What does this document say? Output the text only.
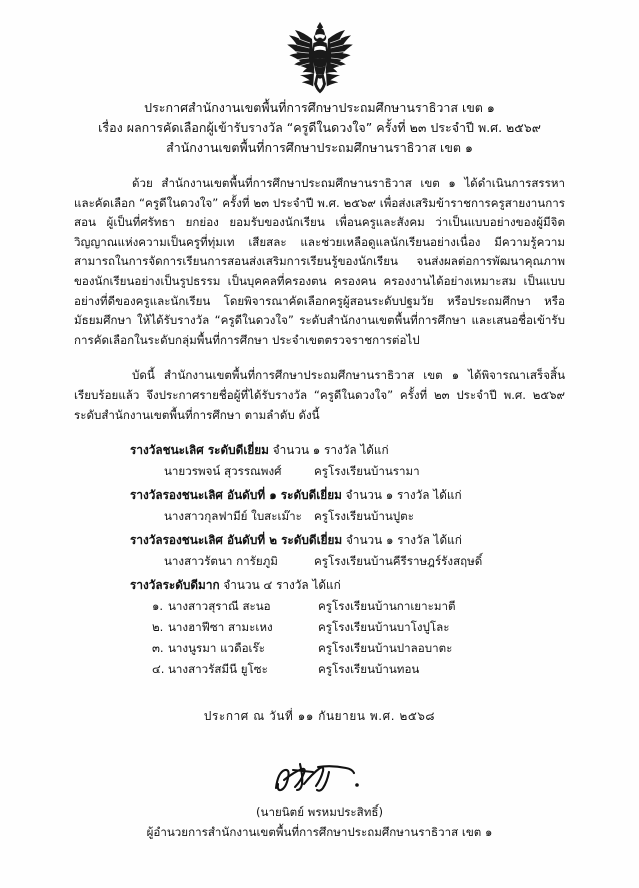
ประกาศสำนักงานเขตพื้นที่การศึกษาประถมศึกษานราธิวาส เขต ๑
เรื่อง ผลการคัดเลือกผู้เข้ารับรางวัล “ครูดีในดวงใจ” ครั้งที่ ๒๓ ประจำปี พ.ศ. ๒๕๖๙
สำนักงานเขตพื้นที่การศึกษาประถมศึกษานราธิวาส เขต ๑

ด้วย สำนักงานเขตพื้นที่การศึกษาประถมศึกษานราธิวาส เขต ๑ ได้ดำเนินการสรรหาและคัดเลือก “ครูดีในดวงใจ” ครั้งที่ ๒๓ ประจำปี พ.ศ. ๒๕๖๙ เพื่อส่งเสริมข้าราชการครูสายงานการสอน ผู้เป็นที่ศรัทธา ยกย่อง ยอมรับของนักเรียน เพื่อนครูและสังคม ว่าเป็นแบบอย่างของผู้มีจิตวิญญาณแห่งความเป็นครูที่ทุ่มเท เสียสละ และช่วยเหลือดูแลนักเรียนอย่างเนื่อง มีความรู้ความสามารถในการจัดการเรียนการสอนส่งเสริมการเรียนรู้ของนักเรียน จนส่งผลต่อการพัฒนาคุณภาพของนักเรียนอย่างเป็นรูปธรรม เป็นบุคคลที่ครองตน ครองคน ครองงานได้อย่างเหมาะสม เป็นแบบอย่างที่ดีของครูและนักเรียน โดยพิจารณาคัดเลือกครูผู้สอนระดับปฐมวัย หรือประถมศึกษา หรือมัธยมศึกษา ให้ได้รับรางวัล “ครูดีในดวงใจ” ระดับสำนักงานเขตพื้นที่การศึกษา และเสนอชื่อเข้ารับการคัดเลือกในระดับกลุ่มพื้นที่การศึกษา ประจำเขตตรวจราชการต่อไป

บัดนี้ สำนักงานเขตพื้นที่การศึกษาประถมศึกษานราธิวาส เขต ๑ ได้พิจารณาเสร็จสิ้นเรียบร้อยแล้ว จึงประกาศรายชื่อผู้ที่ได้รับรางวัล “ครูดีในดวงใจ” ครั้งที่ ๒๓ ประจำปี พ.ศ. ๒๕๖๙ ระดับสำนักงานเขตพื้นที่การศึกษา ตามลำดับ ดังนี้

รางวัลชนะเลิศ ระดับดีเยี่ยม จำนวน ๑ รางวัล ได้แก่
นายวรพจน์ สุวรรณพงศ์	ครูโรงเรียนบ้านรามา
รางวัลรองชนะเลิศ อันดับที่ ๑ ระดับดีเยี่ยม จำนวน ๑ รางวัล ได้แก่
นางสาวกุลฟามีย์ ใบสะเม๊าะ	ครูโรงเรียนบ้านปูตะ
รางวัลรองชนะเลิศ อันดับที่ ๒ ระดับดีเยี่ยม จำนวน ๑ รางวัล ได้แก่
นางสาวรัตนา การัยภูมิ	ครูโรงเรียนบ้านคีรีราษฎร์รังสฤษดิ์
รางวัลระดับดีมาก จำนวน ๔ รางวัล ได้แก่
๑. นางสาวสุราณี สะนอ	ครูโรงเรียนบ้านกาเยาะมาตี
๒. นางฮาฟีซา สามะเหง	ครูโรงเรียนบ้านบาโงปูโละ
๓. นางนูรมา แวดือเร๊ะ	ครูโรงเรียนบ้านปาลอบาตะ
๔. นางสาวรัสมีนี ยูโซะ	ครูโรงเรียนบ้านทอน
ประกาศ ณ วันที่ ๑๑ กันยายน พ.ศ. ๒๕๖๘
(นายนิตย์ พรหมประสิทธิ์)
ผู้อำนวยการสำนักงานเขตพื้นที่การศึกษาประถมศึกษานราธิวาส เขต ๑
